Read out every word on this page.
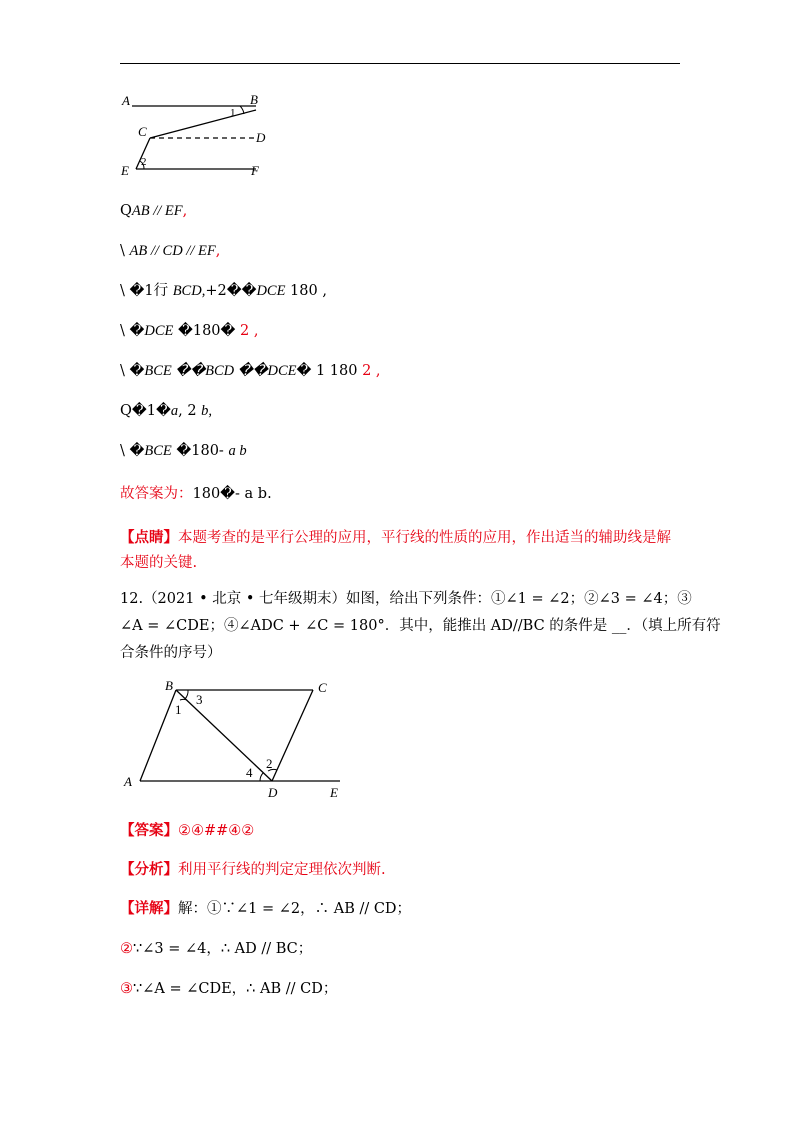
A	B
C	D
E	F
1
2
QAB // EF,
\ AB // CD // EF,
\ �1行 BCD,+2��DCE 180 ,
\ �DCE �180� 2 ,
\ �BCE ��BCD ��DCE� 1 180 2 ,
Q�1�a, 2 b,
\ �BCE �180- a b
故答案为：180�- a b.
【点睛】本题考查的是平行公理的应用，平行线的性质的应用，作出适当的辅助线是解本题的关键.
12.（2021 • 北京 • 七年级期末）如图，给出下列条件：①∠1 = ∠2；②∠3 = ∠4；③
∠A = ∠CDE；④∠ADC + ∠C = 180°．其中，能推出 AD//BC 的条件是 __．（填上所有符
合条件的序号）
A
B	C
D	E
1
3
2
4
【答案】②④##④②
【分析】利用平行线的判定定理依次判断.
【详解】解：①∵∠1 = ∠2，∴ AB // CD；
②∵∠3 = ∠4，∴ AD // BC；
③∵∠A = ∠CDE，∴ AB // CD；
